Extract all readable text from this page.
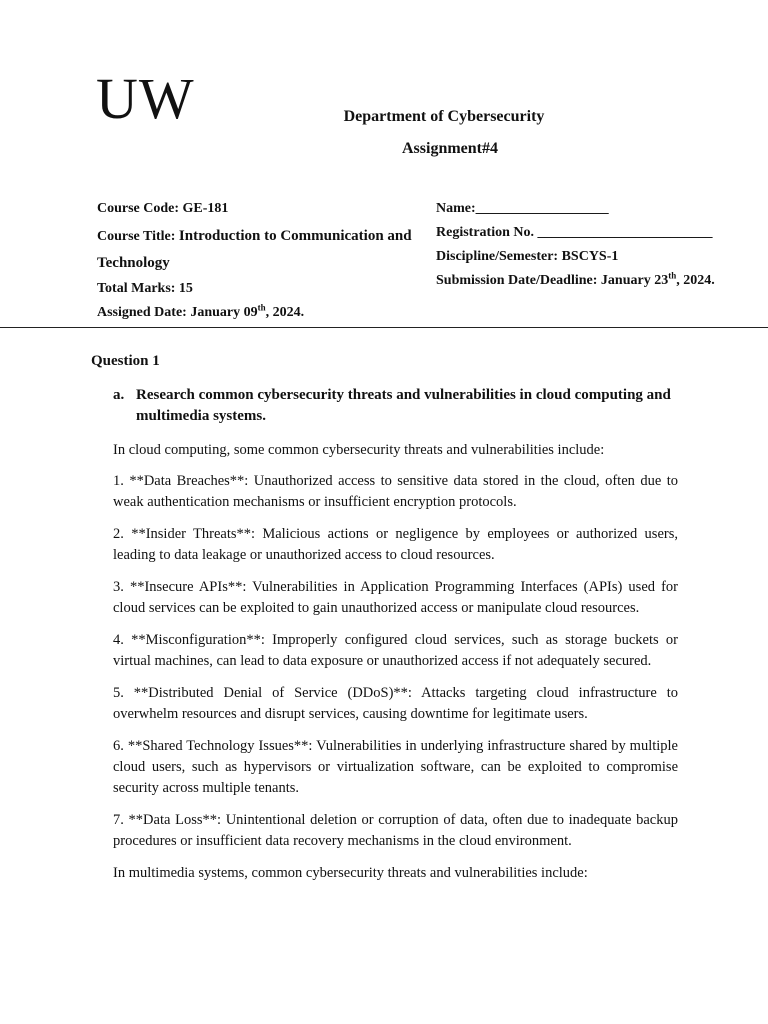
UW	Department of Cybersecurity
Assignment#4
Course Code: GE-181
Course Title: Introduction to Communication and
Technology
Total Marks: 15
Assigned Date: January 09th, 2024.
Name:___________________
Registration No. _________________________
Discipline/Semester: BSCYS-1
Submission Date/Deadline: January 23th, 2024.
Question 1
a. Research common cybersecurity threats and vulnerabilities in cloud computing and multimedia systems.

In cloud computing, some common cybersecurity threats and vulnerabilities include:

1. **Data Breaches**: Unauthorized access to sensitive data stored in the cloud, often due to weak authentication mechanisms or insufficient encryption protocols.

2. **Insider Threats**: Malicious actions or negligence by employees or authorized users, leading to data leakage or unauthorized access to cloud resources.

3. **Insecure APIs**: Vulnerabilities in Application Programming Interfaces (APIs) used for cloud services can be exploited to gain unauthorized access or manipulate cloud resources.

4. **Misconfiguration**: Improperly configured cloud services, such as storage buckets or virtual machines, can lead to data exposure or unauthorized access if not adequately secured.

5. **Distributed Denial of Service (DDoS)**: Attacks targeting cloud infrastructure to overwhelm resources and disrupt services, causing downtime for legitimate users.

6. **Shared Technology Issues**: Vulnerabilities in underlying infrastructure shared by multiple cloud users, such as hypervisors or virtualization software, can be exploited to compromise security across multiple tenants.

7. **Data Loss**: Unintentional deletion or corruption of data, often due to inadequate backup procedures or insufficient data recovery mechanisms in the cloud environment.

In multimedia systems, common cybersecurity threats and vulnerabilities include:
